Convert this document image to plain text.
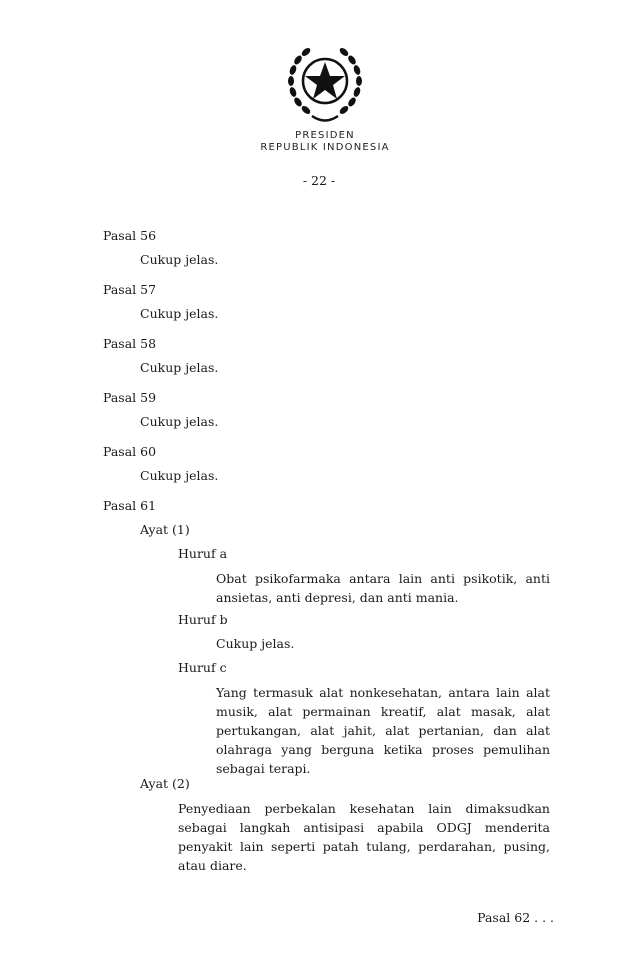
PRESIDEN
REPUBLIK INDONESIA
- 22 -
Pasal 56
Cukup jelas.
Pasal 57
Cukup jelas.
Pasal 58
Cukup jelas.
Pasal 59
Cukup jelas.
Pasal 60
Cukup jelas.
Pasal 61
Ayat (1)
Huruf a
Obat psikofarmaka antara lain anti psikotik, anti
ansietas, anti depresi, dan anti mania.
Huruf b
Cukup jelas.
Huruf c
Yang termasuk alat nonkesehatan, antara lain alat
musik, alat permainan kreatif, alat masak, alat
pertukangan, alat jahit, alat pertanian, dan alat
olahraga yang berguna ketika proses pemulihan
sebagai terapi.
Ayat (2)
Penyediaan perbekalan kesehatan lain dimaksudkan
sebagai langkah antisipasi apabila ODGJ menderita
penyakit lain seperti patah tulang, perdarahan, pusing,
atau diare.
Pasal 62 . . .
